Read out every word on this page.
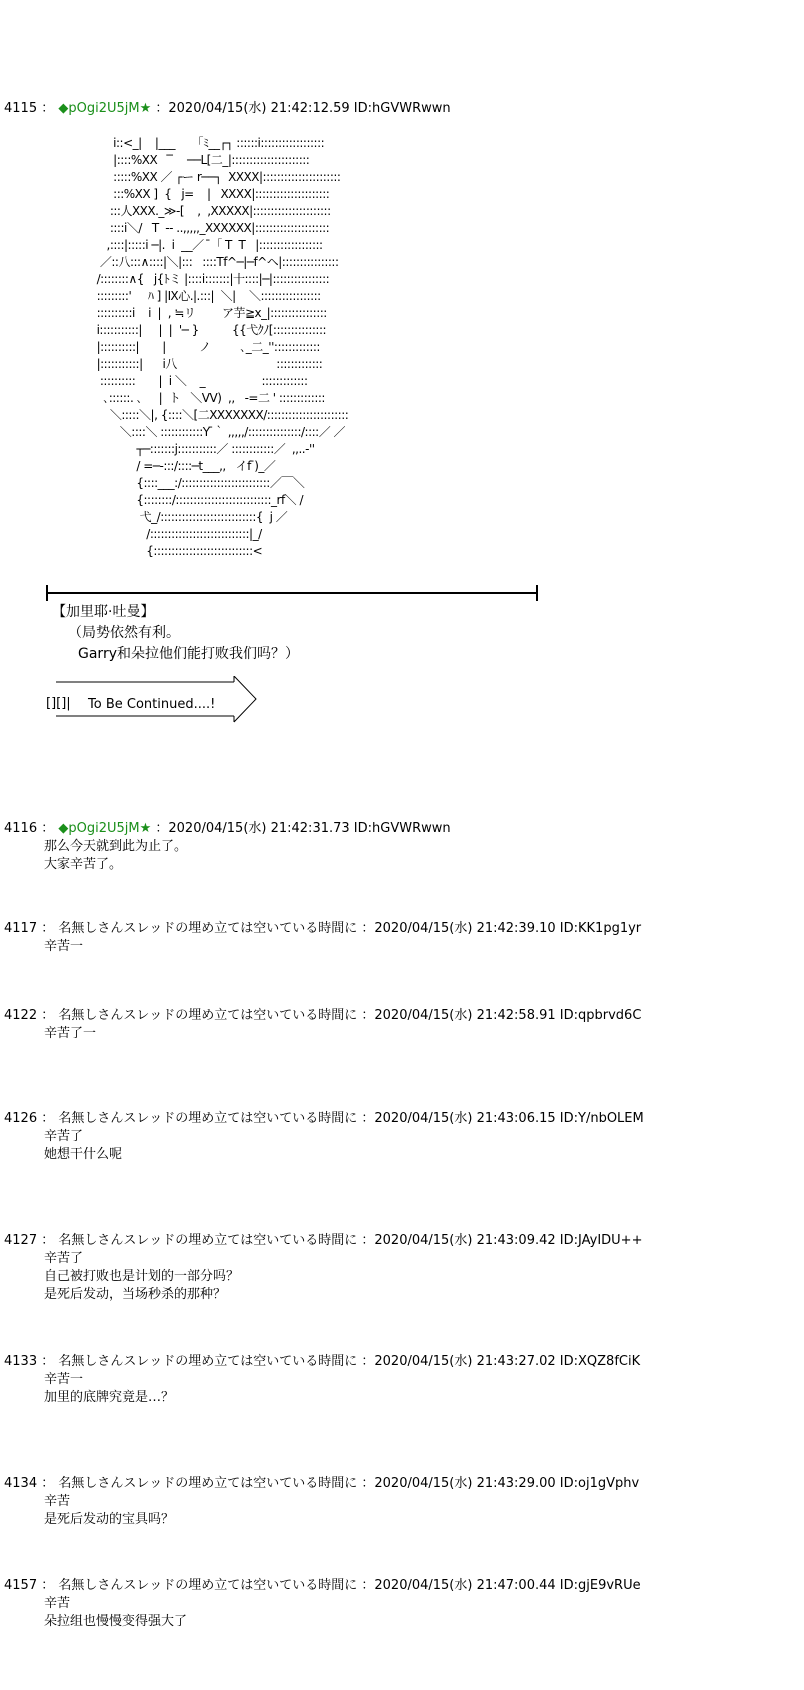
4115 ： ◆pOgi2U5jM★ ：2020/04/15(水) 21:42:12.59 ID:hGVWRwwn
i::<_|    |___     「ﾐ__┌┐ ::::::i::::::::::::::::::
|::::%XX    ̄ ̄    ──L[二_|::::::::::::::::::::::
:::::%XX ／ ┌ー r──┐  XXXX|::::::::::::::::::::::
:::%XX ]  {   j=    |   XXXX|:::::::::::::::::::::
:::人XXX._≫-[    ,  ,XXXXX|::::::::::::::::::::::
::::i＼/   T  ‐‐ ..,,,,,_XXXXXX|:::::::::::::::::::::
,::::|:::::i ─|.  i  __／  ̄「 T  T   |::::::::::::::::::
／::八:::∧::::|＼|:::   ::::Tf^─|─f^ヘ|::::::::::::::::
/::::::::∧{   j{ﾄミ |::::i:::::::|十::::|─|::::::::::::::::
:::::::::'     ﾊ ] |Ⅸ心.|.:::|  ＼|    ＼:::::::::::::::::
::::::::::i    i  |  , ≒リ        ア芋≧x_|::::::::::::::::
i:::::::::::|     |  |  '─ }          {{弋ｸﾉ[:::::::::::::::
|::::::::::|       |          ノ         ､_二_'':::::::::::::
|:::::::::::|      i八                              :::::::::::::
::::::::::       |  i ＼    _                 :::::::::::::
､::::::. ､     |  ト   ＼VV)  ,,   ‐=二 ' :::::::::::::
＼:::::＼|, {::::＼[二XXXXXXX/:::::::::::::::::::::::
＼::::＼ ::::::::::::Y ̄｀ ,,,,,/:::::::::::::::/::::／ ／
┬─:::::::j:::::::::::／ ::::::::::::／  ,,..-''
/ =─‐:::/::::─t___,,   イf ̄)_／
{::::___:/:::::::::::::::::::::::::／￣＼
{::::::::/:::::::::::::::::::::::::::_rf＼ /
弋_/:::::::::::::::::::::::::::{  j ／
/::::::::::::::::::::::::::::|_/
{::::::::::::::::::::::::::::<
【加里耶·吐曼】
（局势依然有利。
Garry和朵拉他们能打败我们吗？）
[][]| To Be Continued....!
4116 ： ◆pOgi2U5jM★ ：2020/04/15(水) 21:42:31.73 ID:hGVWRwwn
那么今天就到此为止了。
大家辛苦了。
4117 ： 名無しさんスレッドの埋め立ては空いている時間に ：2020/04/15(水) 21:42:39.10 ID:KK1pg1yr
辛苦一
4122 ： 名無しさんスレッドの埋め立ては空いている時間に ：2020/04/15(水) 21:42:58.91 ID:qpbrvd6C
辛苦了一
4126 ： 名無しさんスレッドの埋め立ては空いている時間に ：2020/04/15(水) 21:43:06.15 ID:Y/nbOLEM
辛苦了
她想干什么呢
4127 ： 名無しさんスレッドの埋め立ては空いている時間に ：2020/04/15(水) 21:43:09.42 ID:JAyIDU++
辛苦了
自己被打败也是计划的一部分吗？
是死后发动，当场秒杀的那种？
4133 ： 名無しさんスレッドの埋め立ては空いている時間に ：2020/04/15(水) 21:43:27.02 ID:XQZ8fCiK
辛苦一
加里的底牌究竟是…？
4134 ： 名無しさんスレッドの埋め立ては空いている時間に ：2020/04/15(水) 21:43:29.00 ID:oj1gVphv
辛苦
是死后发动的宝具吗？
4157 ： 名無しさんスレッドの埋め立ては空いている時間に ：2020/04/15(水) 21:47:00.44 ID:gjE9vRUe
辛苦
朵拉组也慢慢变得强大了
